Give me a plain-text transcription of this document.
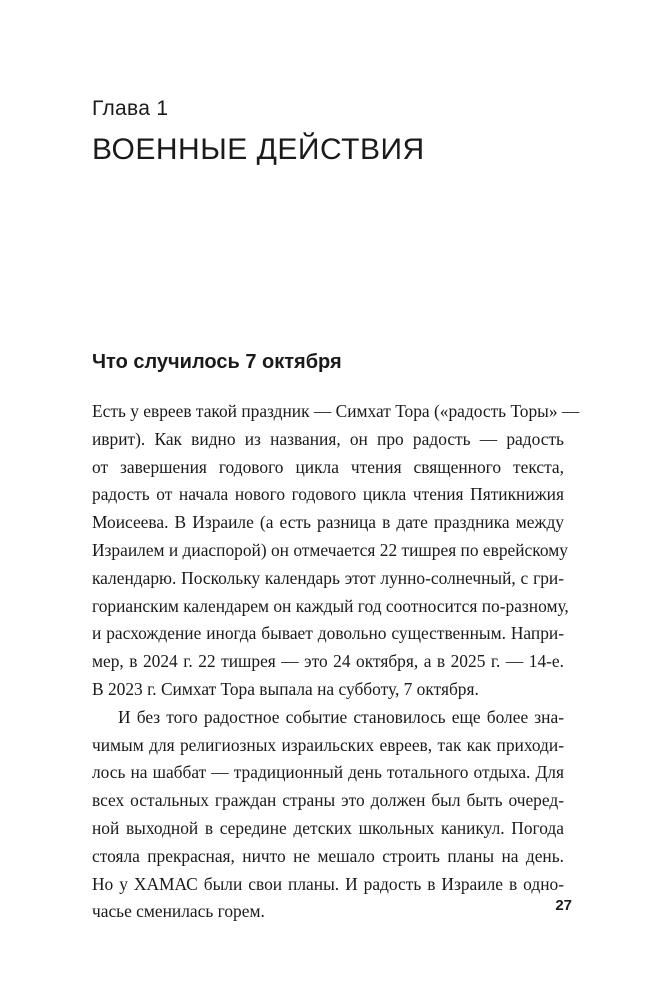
Глава 1
ВОЕННЫЕ ДЕЙСТВИЯ
Что случилось 7 октября
Есть у евреев такой праздник — Симхат Тора («радость Торы» —
иврит). Как видно из названия, он про радость — радость
от завершения годового цикла чтения священного текста,
радость от начала нового годового цикла чтения Пятикнижия
Моисеева. В Израиле (а есть разница в дате праздника между
Израилем и диаспорой) он отмечается 22 тишрея по еврейскому
календарю. Поскольку календарь этот лунно-солнечный, с гри-
горианским календарем он каждый год соотносится по-разному,
и расхождение иногда бывает довольно существенным. Напри-
мер, в 2024 г. 22 тишрея — это 24 октября, а в 2025 г. — 14-е.
В 2023 г. Симхат Тора выпала на субботу, 7 октября.
И без того радостное событие становилось еще более зна-
чимым для религиозных израильских евреев, так как приходи-
лось на шаббат — традиционный день тотального отдыха. Для
всех остальных граждан страны это должен был быть очеред-
ной выходной в середине детских школьных каникул. Погода
стояла прекрасная, ничто не мешало строить планы на день.
Но у ХАМАС были свои планы. И радость в Израиле в одно-
часье сменилась горем.	27
